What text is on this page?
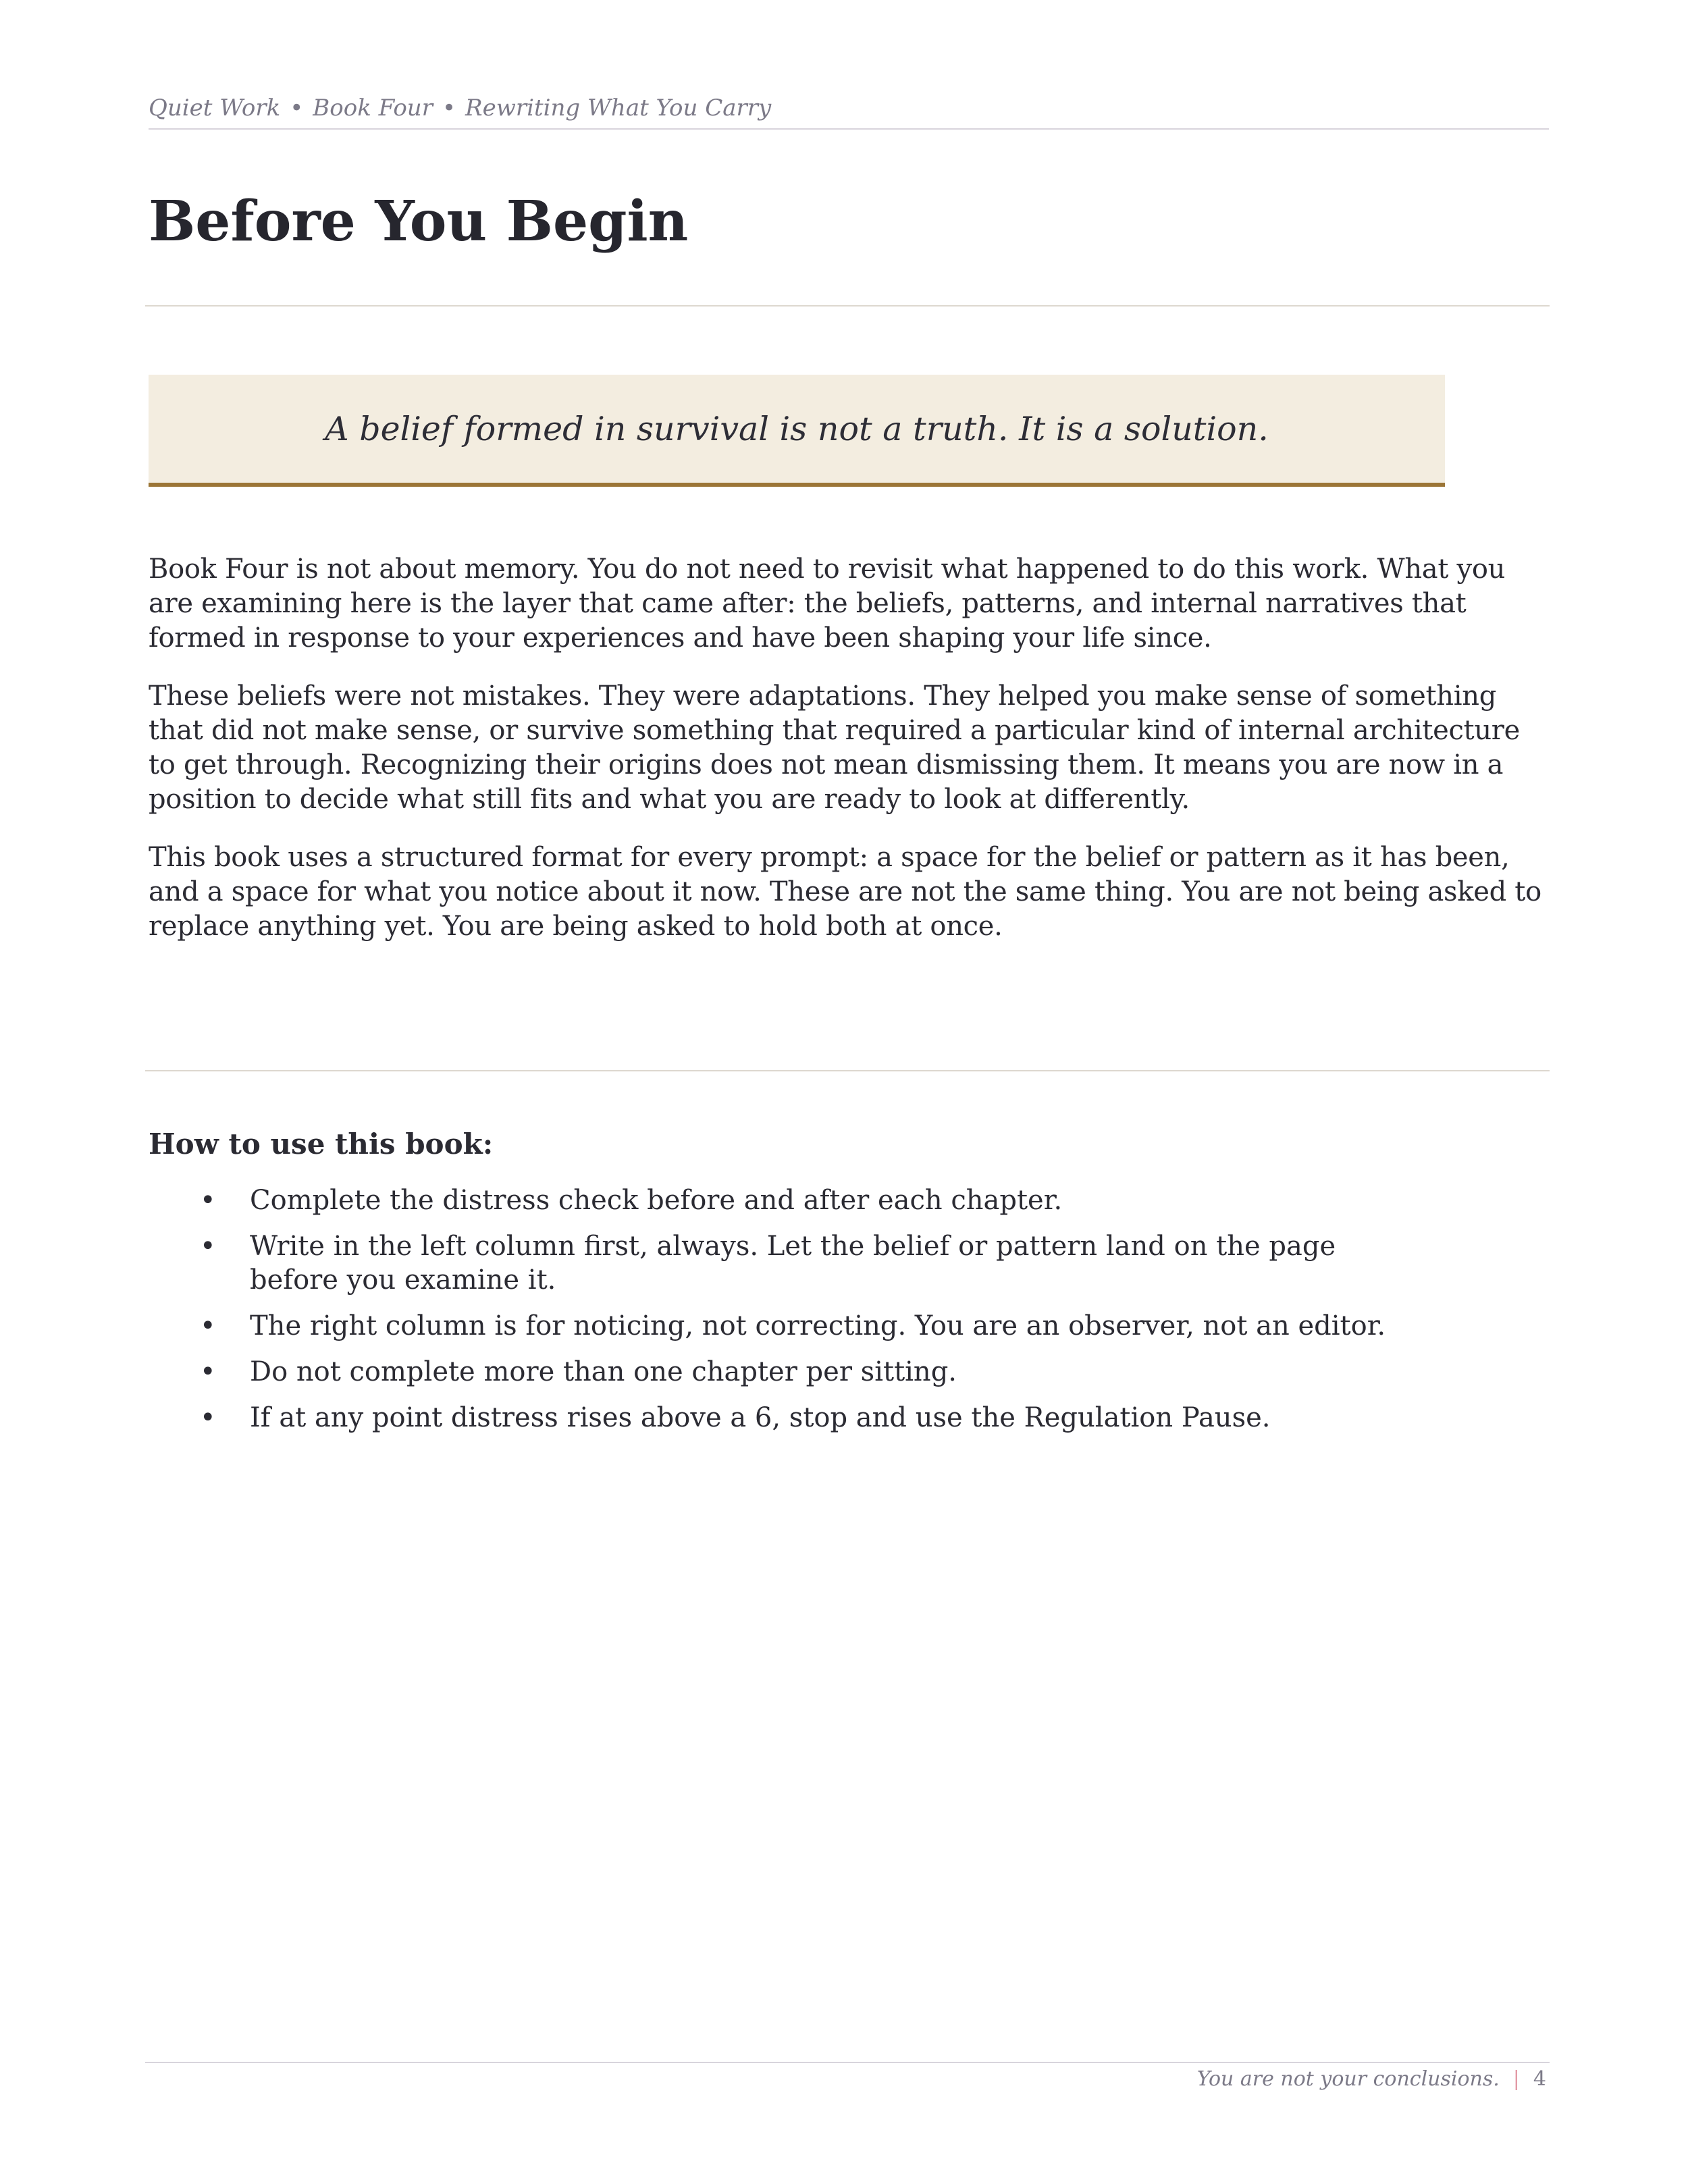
Quiet Work • Book Four • Rewriting What You Carry
Before You Begin
A belief formed in survival is not a truth. It is a solution.

Book Four is not about memory. You do not need to revisit what happened to do this work. What you are examining here is the layer that came after: the beliefs, patterns, and internal narratives that formed in response to your experiences and have been shaping your life since.

These beliefs were not mistakes. They were adaptations. They helped you make sense of something that did not make sense, or survive something that required a particular kind of internal architecture to get through. Recognizing their origins does not mean dismissing them. It means you are now in a position to decide what still fits and what you are ready to look at differently.

This book uses a structured format for every prompt: a space for the belief or pattern as it has been, and a space for what you notice about it now. These are not the same thing. You are not being asked to replace anything yet. You are being asked to hold both at once.

How to use this book:
• Complete the distress check before and after each chapter.
• Write in the left column first, always. Let the belief or pattern land on the page before you examine it.
• The right column is for noticing, not correcting. You are an observer, not an editor.
• Do not complete more than one chapter per sitting.
• If at any point distress rises above a 6, stop and use the Regulation Pause.
You are not your conclusions. | 4
